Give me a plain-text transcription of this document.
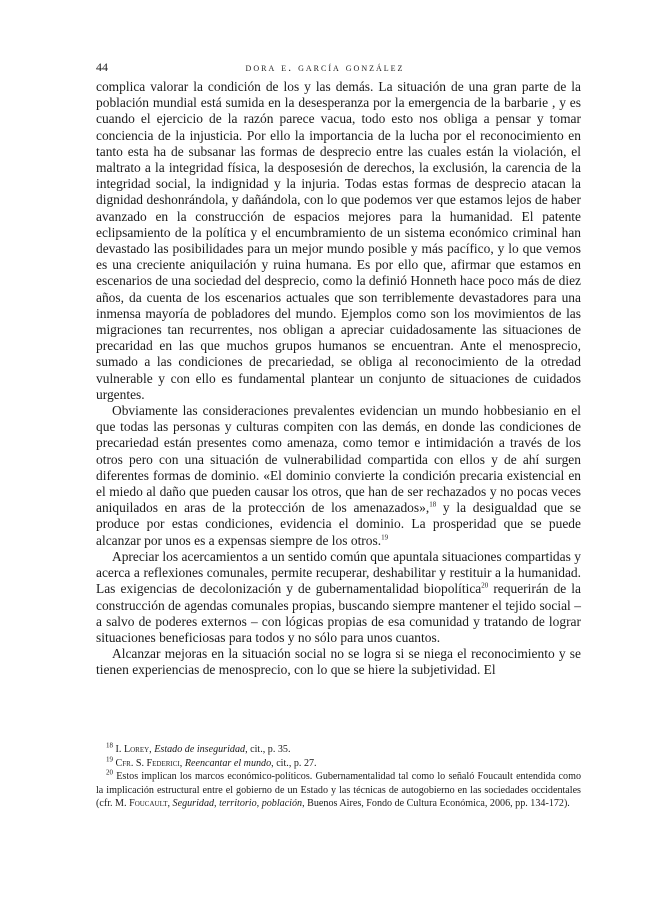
44	dora e. garcía gonzález

complica valorar la condición de los y las demás. La situación de una gran parte de la población mundial está sumida en la desesperanza por la emergencia de la barbarie , y es cuando el ejercicio de la razón parece vacua, todo esto nos obliga a pensar y tomar conciencia de la injusticia. Por ello la importancia de la lucha por el reconocimiento en tanto esta ha de subsanar las formas de desprecio entre las cuales están la violación, el maltrato a la integridad física, la desposesión de derechos, la exclusión, la carencia de la integridad social, la indignidad y la injuria. Todas estas formas de desprecio atacan la dignidad deshonrándola, y dañándola, con lo que podemos ver que estamos lejos de haber avanzado en la construcción de espacios mejores para la humanidad. El patente eclipsamiento de la política y el encumbramiento de un sistema económico criminal han devastado las posibilidades para un mejor mundo posible y más pacífico, y lo que vemos es una creciente aniquilación y ruina humana. Es por ello que, afirmar que estamos en escenarios de una sociedad del desprecio, como la definió Honneth hace poco más de diez años, da cuenta de los escenarios actuales que son terriblemente devastadores para una inmensa mayoría de pobladores del mundo. Ejemplos como son los movimientos de las migraciones tan recurrentes, nos obligan a apreciar cuidadosamente las situaciones de precaridad en las que muchos grupos humanos se encuentran. Ante el menosprecio, sumado a las condiciones de precariedad, se obliga al reconocimiento de la otredad vulnerable y con ello es fundamental plantear un conjunto de situaciones de cuidados urgentes.

Obviamente las consideraciones prevalentes evidencian un mundo hobbesianio en el que todas las personas y culturas compiten con las demás, en donde las condiciones de precariedad están presentes como amenaza, como temor e intimidación a través de los otros pero con una situación de vulnerabilidad compartida con ellos y de ahí surgen diferentes formas de dominio. «El dominio convierte la condición precaria existencial en el miedo al daño que pueden causar los otros, que han de ser rechazados y no pocas veces aniquilados en aras de la protección de los amenazados»,$^{18}$ y la desigualdad que se produce por estas condiciones, evidencia el dominio. La prosperidad que se puede alcanzar por unos es a expensas siempre de los otros.$^{19}$

Apreciar los acercamientos a un sentido común que apuntala situaciones compartidas y acerca a reflexiones comunales, permite recuperar, deshabilitar y restituir a la humanidad. Las exigencias de decolonización y de gubernamentalidad biopolítica$^{20}$ requerirán de la construcción de agendas comunales propias, buscando siempre mantener el tejido social – a salvo de poderes externos – con lógicas propias de esa comunidad y tratando de lograr situaciones beneficiosas para todos y no sólo para unos cuantos.

Alcanzar mejoras en la situación social no se logra si se niega el reconocimiento y se tienen experiencias de menosprecio, con lo que se hiere la subjetividad. El

$^{18}$ I. Lorey, Estado de inseguridad, cit., p. 35.

$^{19}$ Cfr. S. Federici, Reencantar el mundo, cit., p. 27.

$^{20}$ Estos implican los marcos económico-políticos. Gubernamentalidad tal como lo señaló Foucault entendida como la implicación estructural entre el gobierno de un Estado y las técnicas de autogobierno en las sociedades occidentales (cfr. M. Foucault, Seguridad, territorio, población, Buenos Aires, Fondo de Cultura Económica, 2006, pp. 134-172).
